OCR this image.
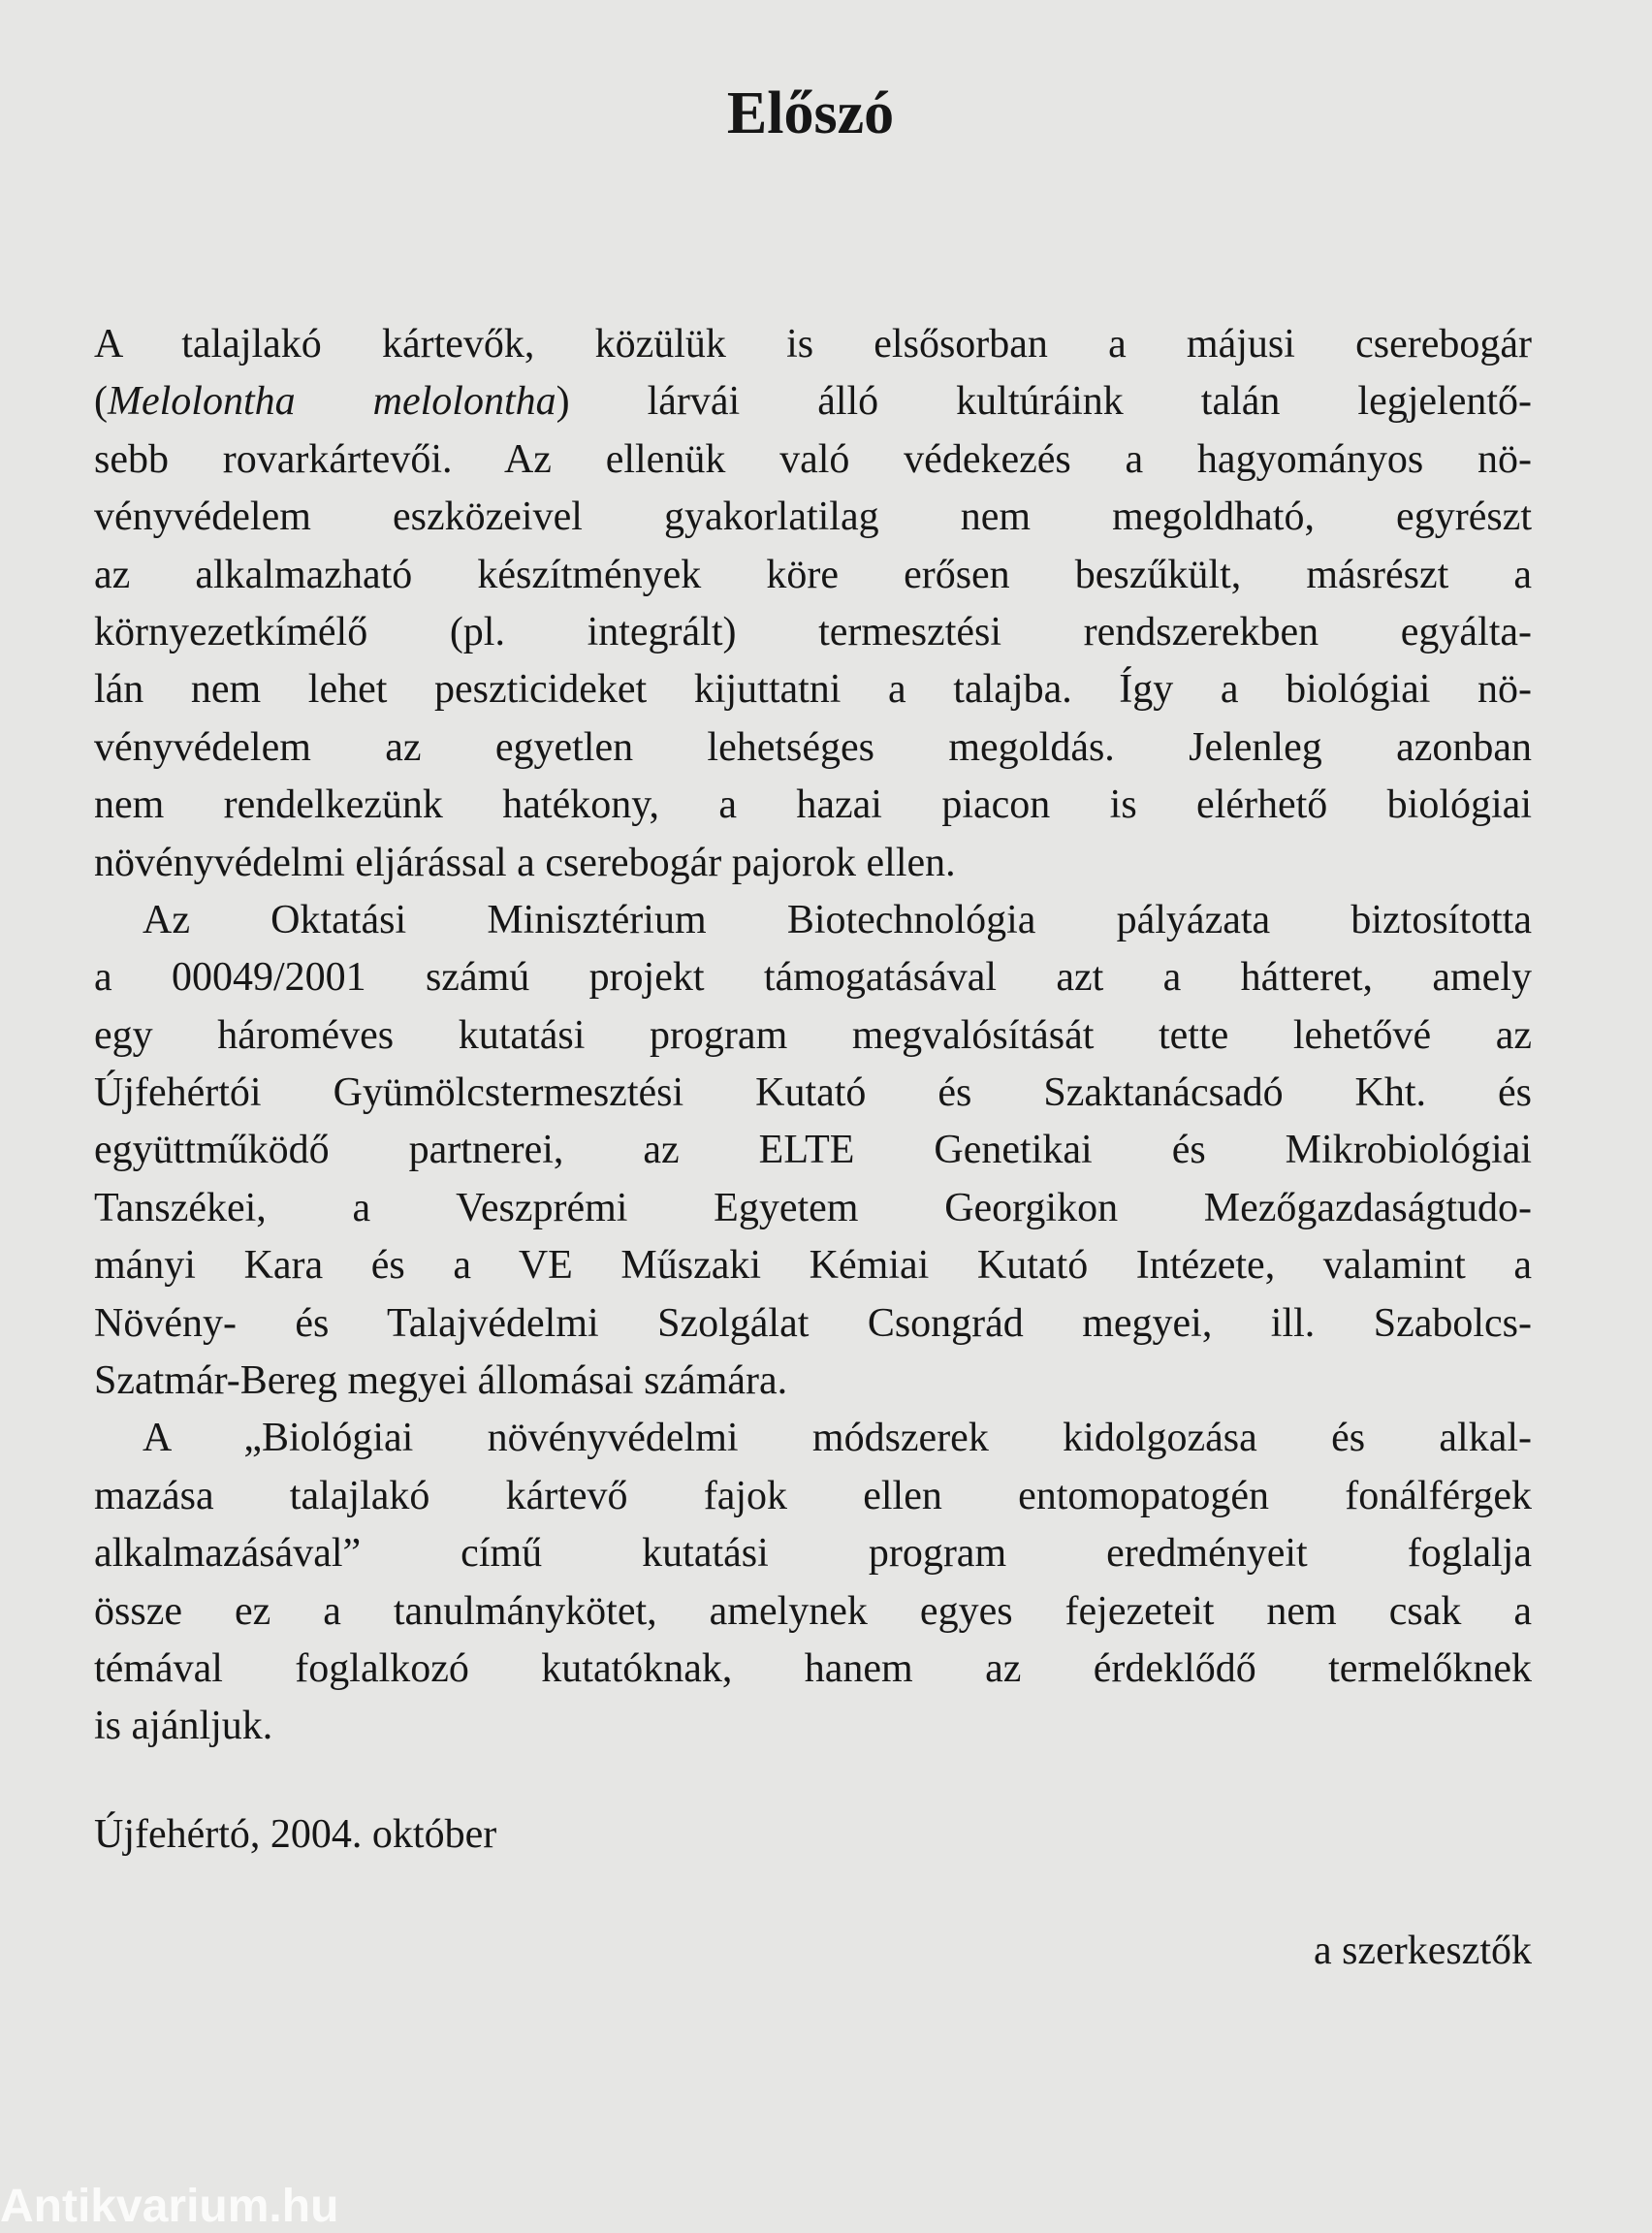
Előszó
A talajlakó kártevők, közülük is elsősorban a májusi cserebogár
(Melolontha melolontha) lárvái álló kultúráink talán legjelentő-
sebb rovarkártevői. Az ellenük való védekezés a hagyományos nö-
vényvédelem eszközeivel gyakorlatilag nem megoldható, egyrészt
az alkalmazható készítmények köre erősen beszűkült, másrészt a
környezetkímélő (pl. integrált) termesztési rendszerekben egyálta-
lán nem lehet peszticideket kijuttatni a talajba. Így a biológiai nö-
vényvédelem az egyetlen lehetséges megoldás. Jelenleg azonban
nem rendelkezünk hatékony, a hazai piacon is elérhető biológiai
növényvédelmi eljárással a cserebogár pajorok ellen.
Az Oktatási Minisztérium Biotechnológia pályázata biztosította
a 00049/2001 számú projekt támogatásával azt a hátteret, amely
egy hároméves kutatási program megvalósítását tette lehetővé az
Újfehértói Gyümölcstermesztési Kutató és Szaktanácsadó Kht. és
együttműködő partnerei, az ELTE Genetikai és Mikrobiológiai
Tanszékei, a Veszprémi Egyetem Georgikon Mezőgazdaságtudo-
mányi Kara és a VE Műszaki Kémiai Kutató Intézete, valamint a
Növény- és Talajvédelmi Szolgálat Csongrád megyei, ill. Szabolcs-
Szatmár-Bereg megyei állomásai számára.
A „Biológiai növényvédelmi módszerek kidolgozása és alkal-
mazása talajlakó kártevő fajok ellen entomopatogén fonálférgek
alkalmazásával” című kutatási program eredményeit foglalja
össze ez a tanulmánykötet, amelynek egyes fejezeteit nem csak a
témával foglalkozó kutatóknak, hanem az érdeklődő termelőknek
is ajánljuk.
Újfehértó, 2004. október
a szerkesztők
Antikvarium.hu
